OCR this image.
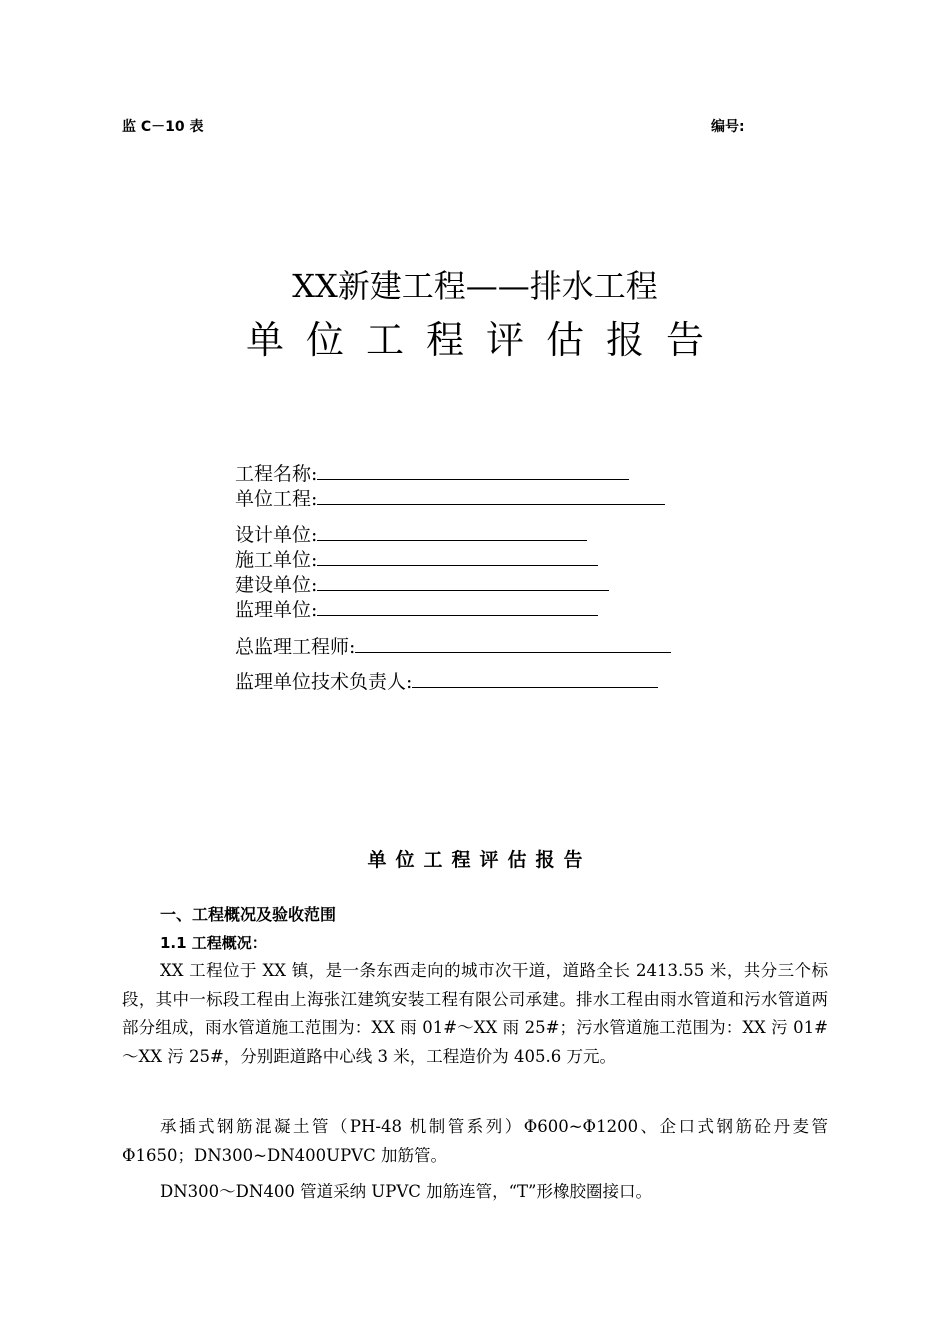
监 C－10 表	编号:
XX新建工程——排水工程
单位工程评估报告
工程名称:
单位工程:
设计单位:
施工单位:
建设单位:
监理单位:
总监理工程师:
监理单位技术负责人:
单位工程评估报告
一、工程概况及验收范围
1.1 工程概况：
XX 工程位于 XX 镇，是一条东西走向的城市次干道，道路全长 2413.55 米，共分三个标段，其中一标段工程由上海张江建筑安装工程有限公司承建。排水工程由雨水管道和污水管道两部分组成，雨水管道施工范围为：XX 雨 01#～XX 雨 25#；污水管道施工范围为：XX 污 01#～XX 污 25#，分别距道路中心线 3 米，工程造价为 405.6 万元。
承插式钢筋混凝土管（PH-48 机制管系列）Φ600~Φ1200、企口式钢筋砼丹麦管 Φ1650；DN300~DN400UPVC 加筋管。
DN300～DN400 管道采纳 UPVC 加筋连管，“T”形橡胶圈接口。
